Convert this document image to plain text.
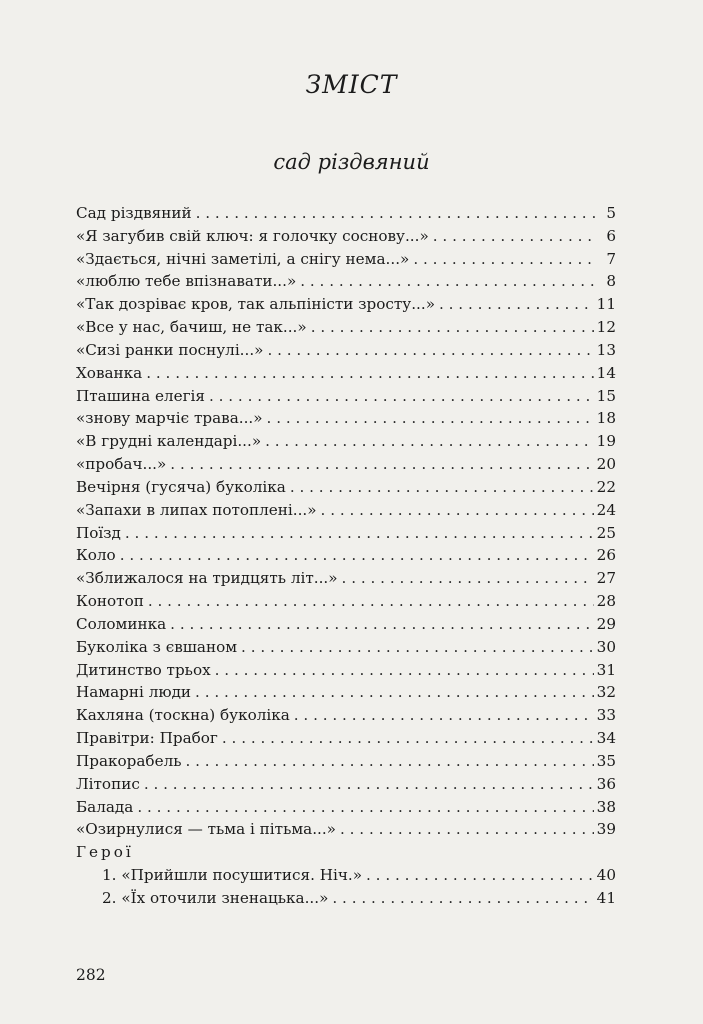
ЗМІСТ
сад різдвяний
Сад різдвяний . . .	5
«Я загубив свій ключ: я голочку соснову...» . . .	6
«Здається, нічні заметілі, а снігу нема...» . . .	7
«люблю тебе впізнавати...» . . .	8
«Так дозріває кров, так альпіністи зросту...» . . .	11
«Все у нас, бачиш, не так...» . . .	12
«Сизі ранки поснулі...» . . .	13
Хованка . . .	14
Пташина елегія . . .	15
«знову марчіє трава...» . . .	18
«В грудні календарі...» . . .	19
«пробач...» . . .	20
Вечірня (гусяча) буколіка . . .	22
«Запахи в липах потоплені...» . . .	24
Поїзд . . .	25
Коло . . .	26
«Зближалося на тридцять літ...» . . .	27
Конотоп . . .	28
Соломинка . . .	29
Буколіка з євшаном . . .	30
Дитинство трьох . . .	31
Намарні люди . . .	32
Кахляна (тоскна) буколіка . . .	33
Правітри: Прабог . . .	34
Пракорабель . . .	35
Літопис . . .	36
Балада . . .	38
«Озирнулися — тьма і пітьма...» . . .	39
Герої
1. «Прийшли посушитися. Ніч.» . . .	40
2. «Їх оточили зненацька...» . . .	41
282
